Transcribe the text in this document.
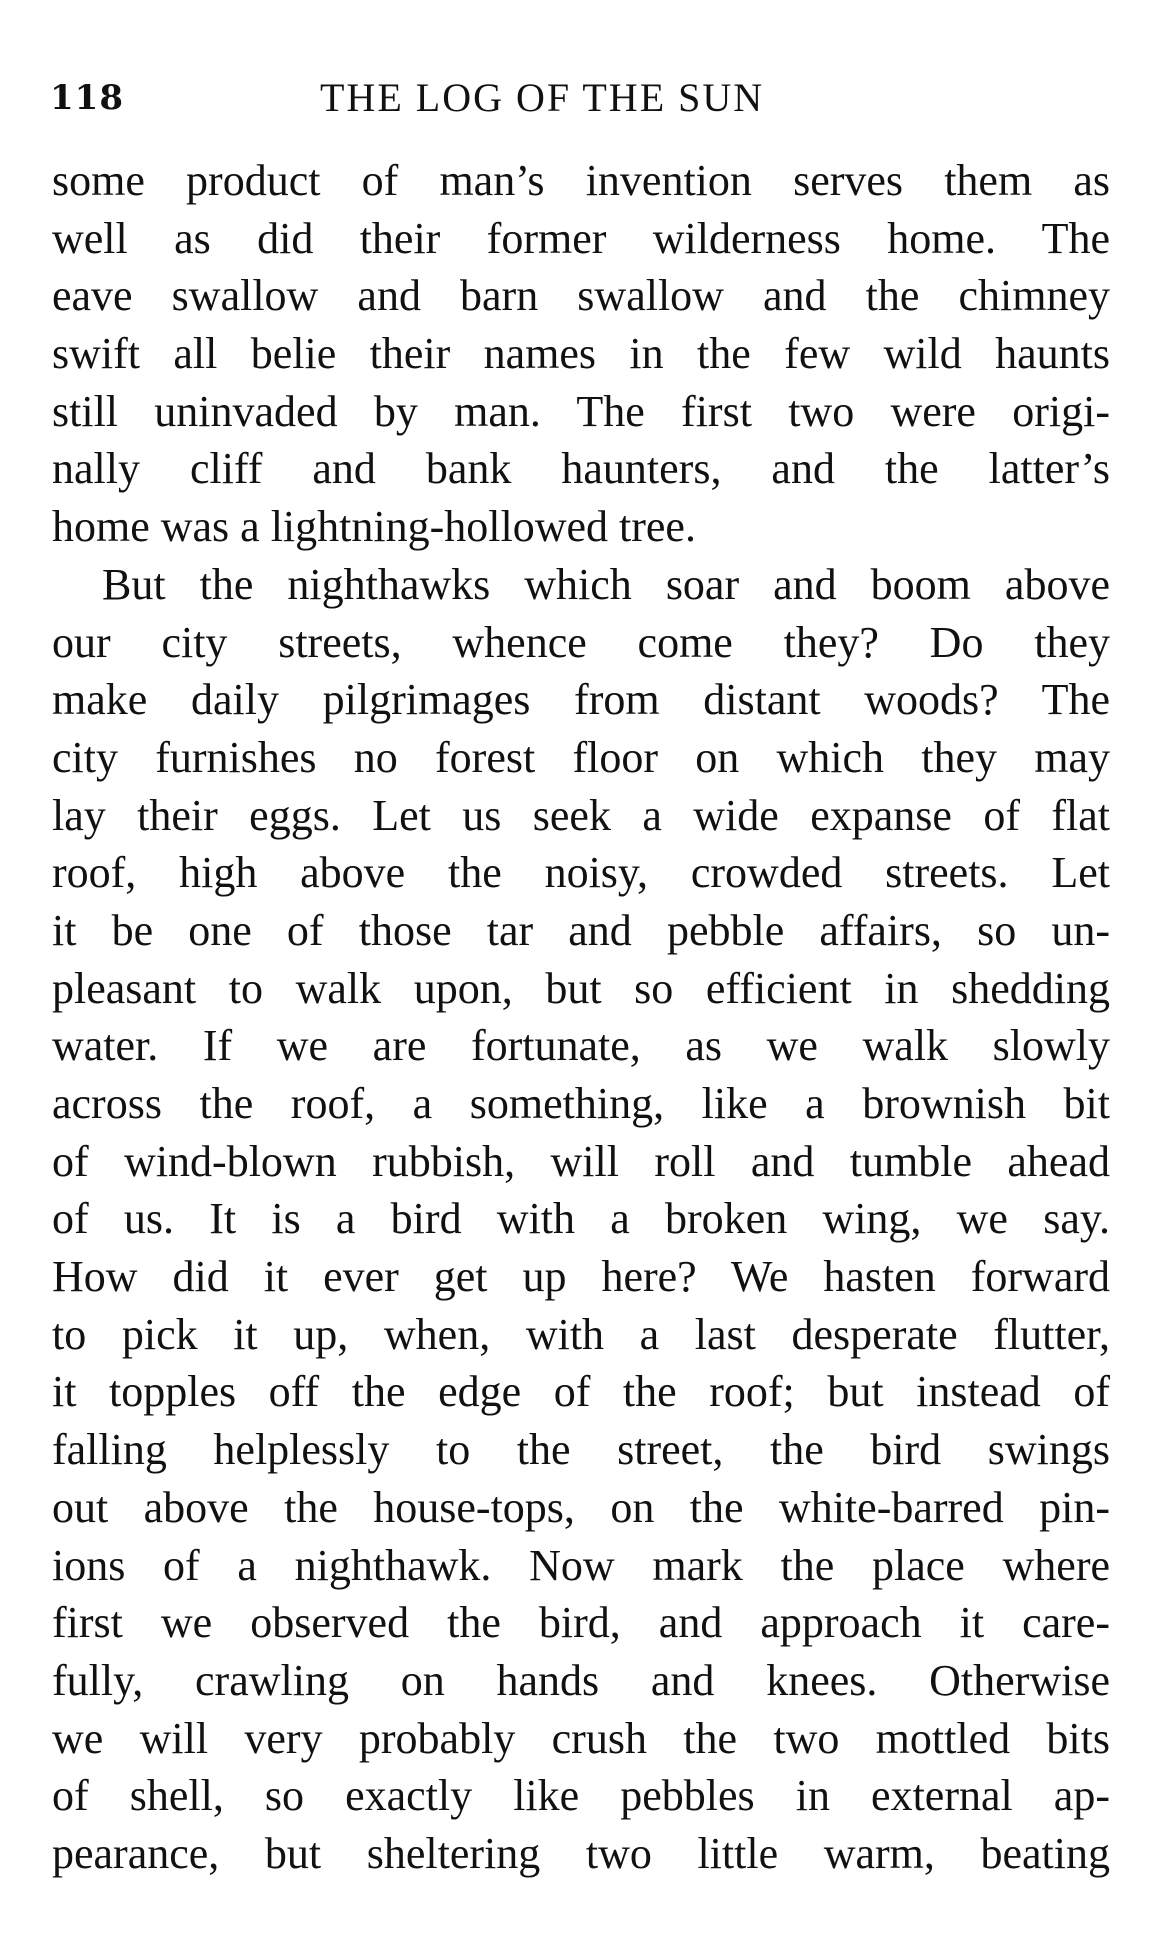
118	THE LOG OF THE SUN
some product of man’s invention serves them as
well as did their former wilderness home. The
eave swallow and barn swallow and the chimney
swift all belie their names in the few wild haunts
still uninvaded by man. The first two were origi-
nally cliff and bank haunters, and the latter’s
home was a lightning-hollowed tree.
But the nighthawks which soar and boom above
our city streets, whence come they? Do they
make daily pilgrimages from distant woods? The
city furnishes no forest floor on which they may
lay their eggs. Let us seek a wide expanse of flat
roof, high above the noisy, crowded streets. Let
it be one of those tar and pebble affairs, so un-
pleasant to walk upon, but so efficient in shedding
water. If we are fortunate, as we walk slowly
across the roof, a something, like a brownish bit
of wind-blown rubbish, will roll and tumble ahead
of us. It is a bird with a broken wing, we say.
How did it ever get up here? We hasten forward
to pick it up, when, with a last desperate flutter,
it topples off the edge of the roof; but instead of
falling helplessly to the street, the bird swings
out above the house-tops, on the white-barred pin-
ions of a nighthawk. Now mark the place where
first we observed the bird, and approach it care-
fully, crawling on hands and knees. Otherwise
we will very probably crush the two mottled bits
of shell, so exactly like pebbles in external ap-
pearance, but sheltering two little warm, beating
